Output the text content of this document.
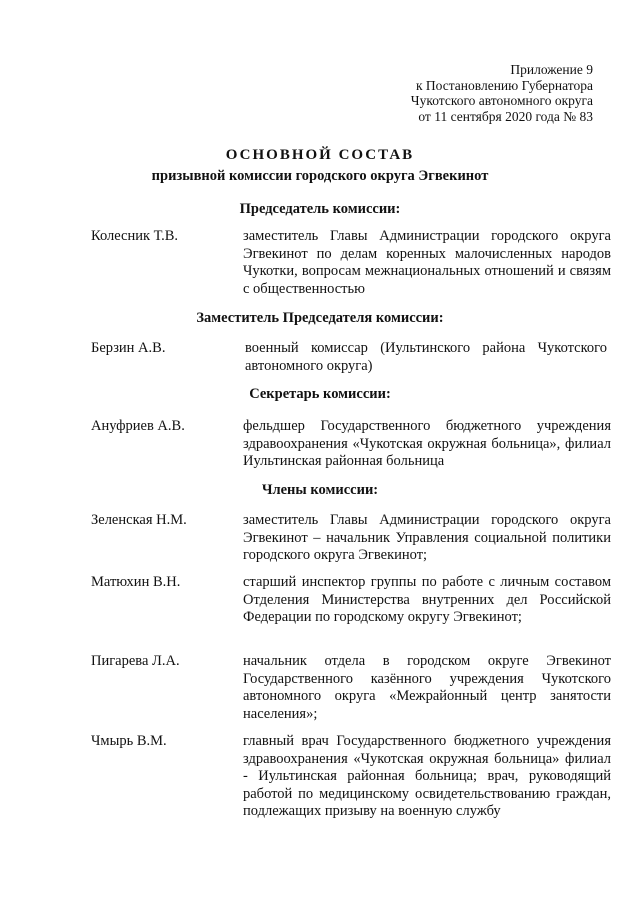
Приложение 9
к Постановлению Губернатора
Чукотского автономного округа
от 11 сентября 2020 года № 83
ОСНОВНОЙ СОСТАВ
призывной комиссии городского округа Эгвекинот
Председатель комиссии:
Колесник Т.В.	заместитель Главы Администрации городского округа Эгвекинот по делам коренных малочисленных народов Чукотки, вопросам межнациональных отношений и связям с общественностью
Заместитель Председателя комиссии:
Берзин А.В.	военный комиссар (Иультинского района Чукотского автономного округа)
Секретарь комиссии:
Ануфриев А.В.	фельдшер Государственного бюджетного учреждения здравоохранения «Чукотская окружная больница», филиал Иультинская районная больница
Члены комиссии:
Зеленская Н.М.	заместитель Главы Администрации городского округа Эгвекинот – начальник Управления социальной политики городского округа Эгвекинот;
Матюхин В.Н.	старший инспектор группы по работе с личным составом Отделения Министерства внутренних дел Российской Федерации по городскому округу Эгвекинот;
Пигарева Л.А.	начальник отдела в городском округе Эгвекинот Государственного казённого учреждения Чукотского автономного округа «Межрайонный центр занятости населения»;
Чмырь В.М.	главный врач Государственного бюджетного учреждения здравоохранения «Чукотская окружная больница» филиал - Иультинская районная больница; врач, руководящий работой по медицинскому освидетельствованию граждан, подлежащих призыву на военную службу
